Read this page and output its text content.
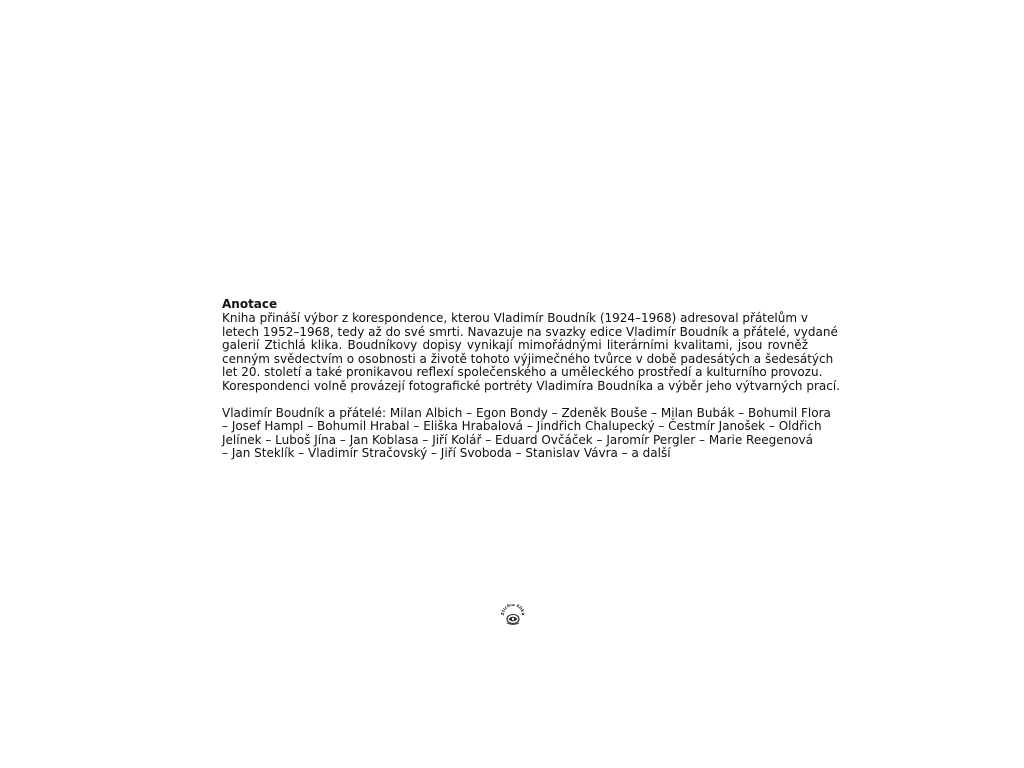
Anotace
Kniha přináší výbor z korespondence, kterou Vladimír Boudník (1924–1968) adresoval přátelům v
letech 1952–1968, tedy až do své smrti. Navazuje na svazky edice Vladimír Boudník a přátelé, vydané
galerií Ztichlá klika. Boudníkovy dopisy vynikají mimořádnými literárními kvalitami, jsou rovněž
cenným svědectvím o osobnosti a životě tohoto výjimečného tvůrce v době padesátých a šedesátých
let 20. století a také pronikavou reflexí společenského a uměleckého prostředí a kulturního provozu.
Korespondenci volně provázejí fotografické portréty Vladimíra Boudníka a výběr jeho výtvarných prací.
Vladimír Boudník a přátelé: Milan Albich – Egon Bondy – Zdeněk Bouše – Milan Bubák – Bohumil Flora
– Josef Hampl – Bohumil Hrabal – Eliška Hrabalová – Jindřich Chalupecký – Čestmír Janošek – Oldřich
Jelínek – Luboš Jína – Jan Koblasa – Jiří Kolář – Eduard Ovčáček – Jaromír Pergler – Marie Reegenová
– Jan Steklík – Vladimír Stračovský – Jiří Svoboda – Stanislav Vávra – a další
Ztichlá klika
